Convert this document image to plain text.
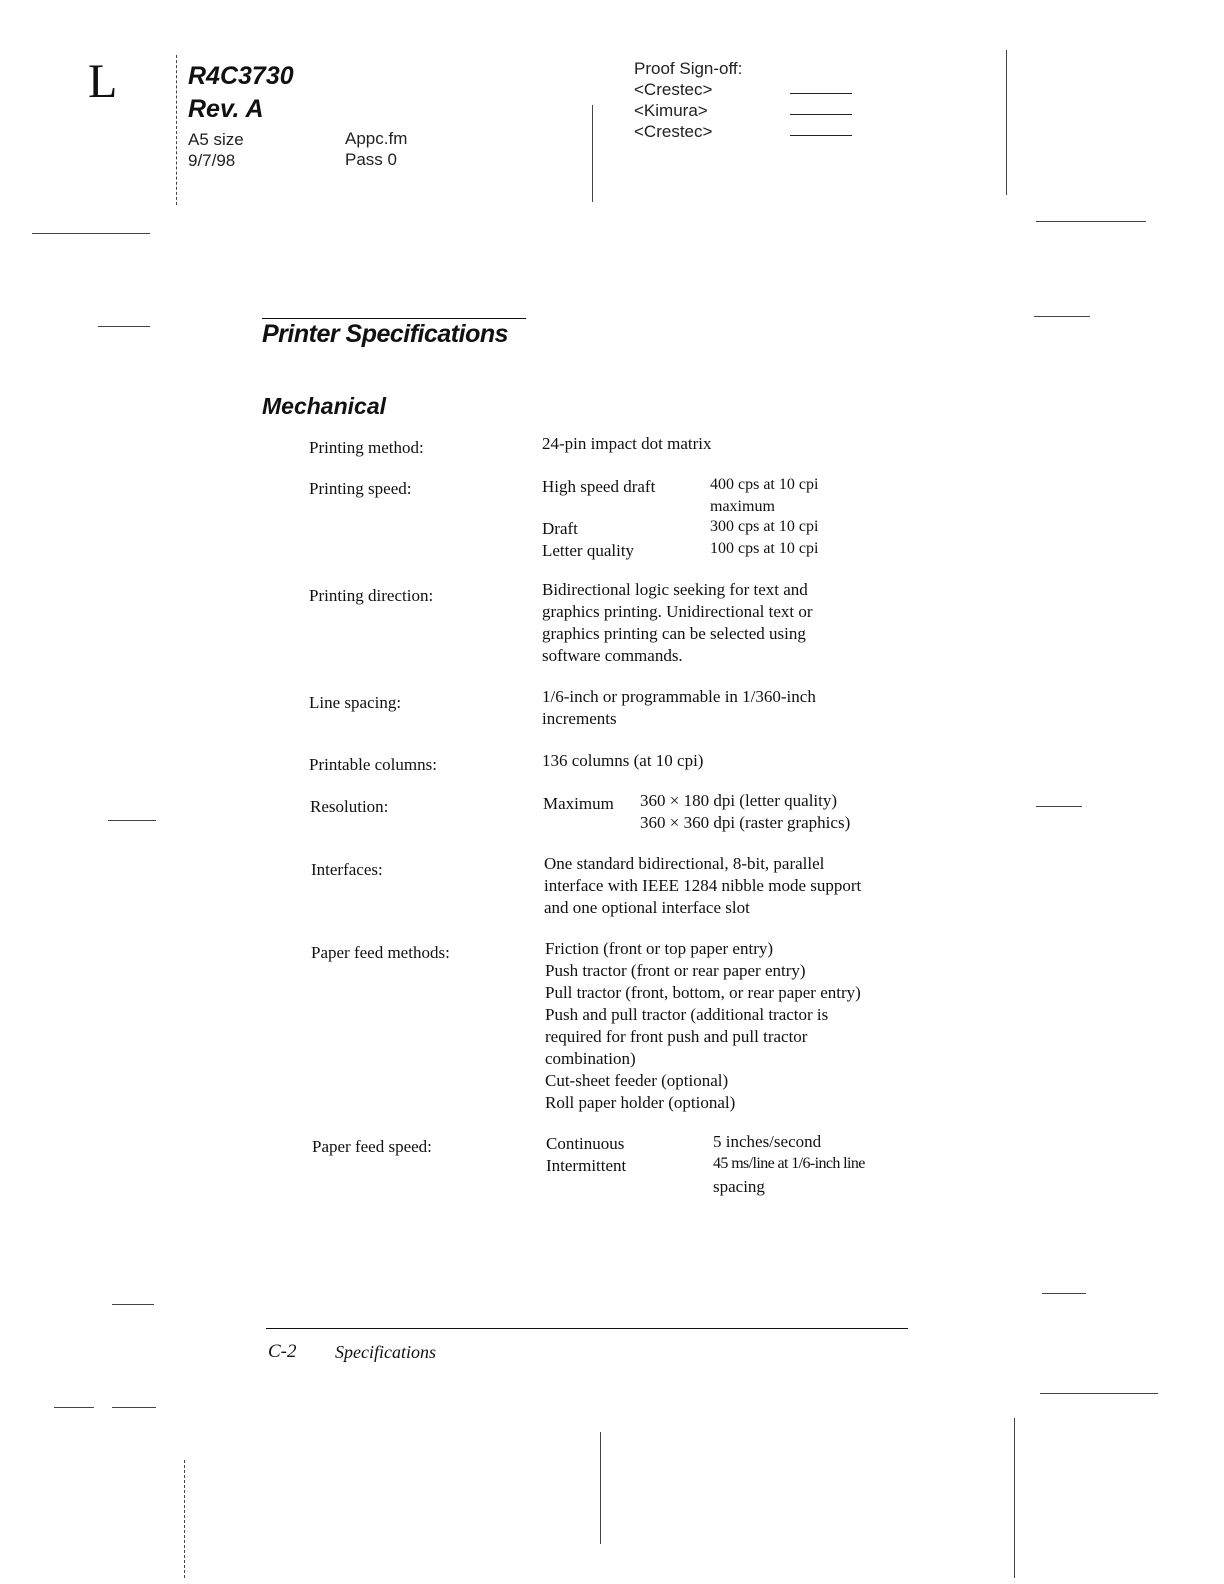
L	R4C3730
Rev. A
A5 size
9/7/98
Appc.fm
Pass 0
Proof Sign-off:
<Crestec>
<Kimura>
<Crestec>
Printer Specifications
Mechanical
Printing method:	24-pin impact dot matrix
Printing speed:	High speed draft	400 cps at 10 cpi
maximum
Draft	300 cps at 10 cpi
Letter quality	100 cps at 10 cpi
Printing direction:	Bidirectional logic seeking for text and
graphics printing. Unidirectional text or
graphics printing can be selected using
software commands.
Line spacing:	1/6-inch or programmable in 1/360-inch
increments
Printable columns:	136 columns (at 10 cpi)
Resolution:	Maximum 360 × 180 dpi (letter quality)
360 × 360 dpi (raster graphics)
Interfaces:	One standard bidirectional, 8-bit, parallel
interface with IEEE 1284 nibble mode support
and one optional interface slot
Paper feed methods:	Friction (front or top paper entry)
Push tractor (front or rear paper entry)
Pull tractor (front, bottom, or rear paper entry)
Push and pull tractor (additional tractor is
required for front push and pull tractor
combination)
Cut-sheet feeder (optional)
Roll paper holder (optional)
Paper feed speed:	Continuous	5 inches/second
Intermittent	45 ms/line at 1/6-inch line
spacing
C-2 Specifications
